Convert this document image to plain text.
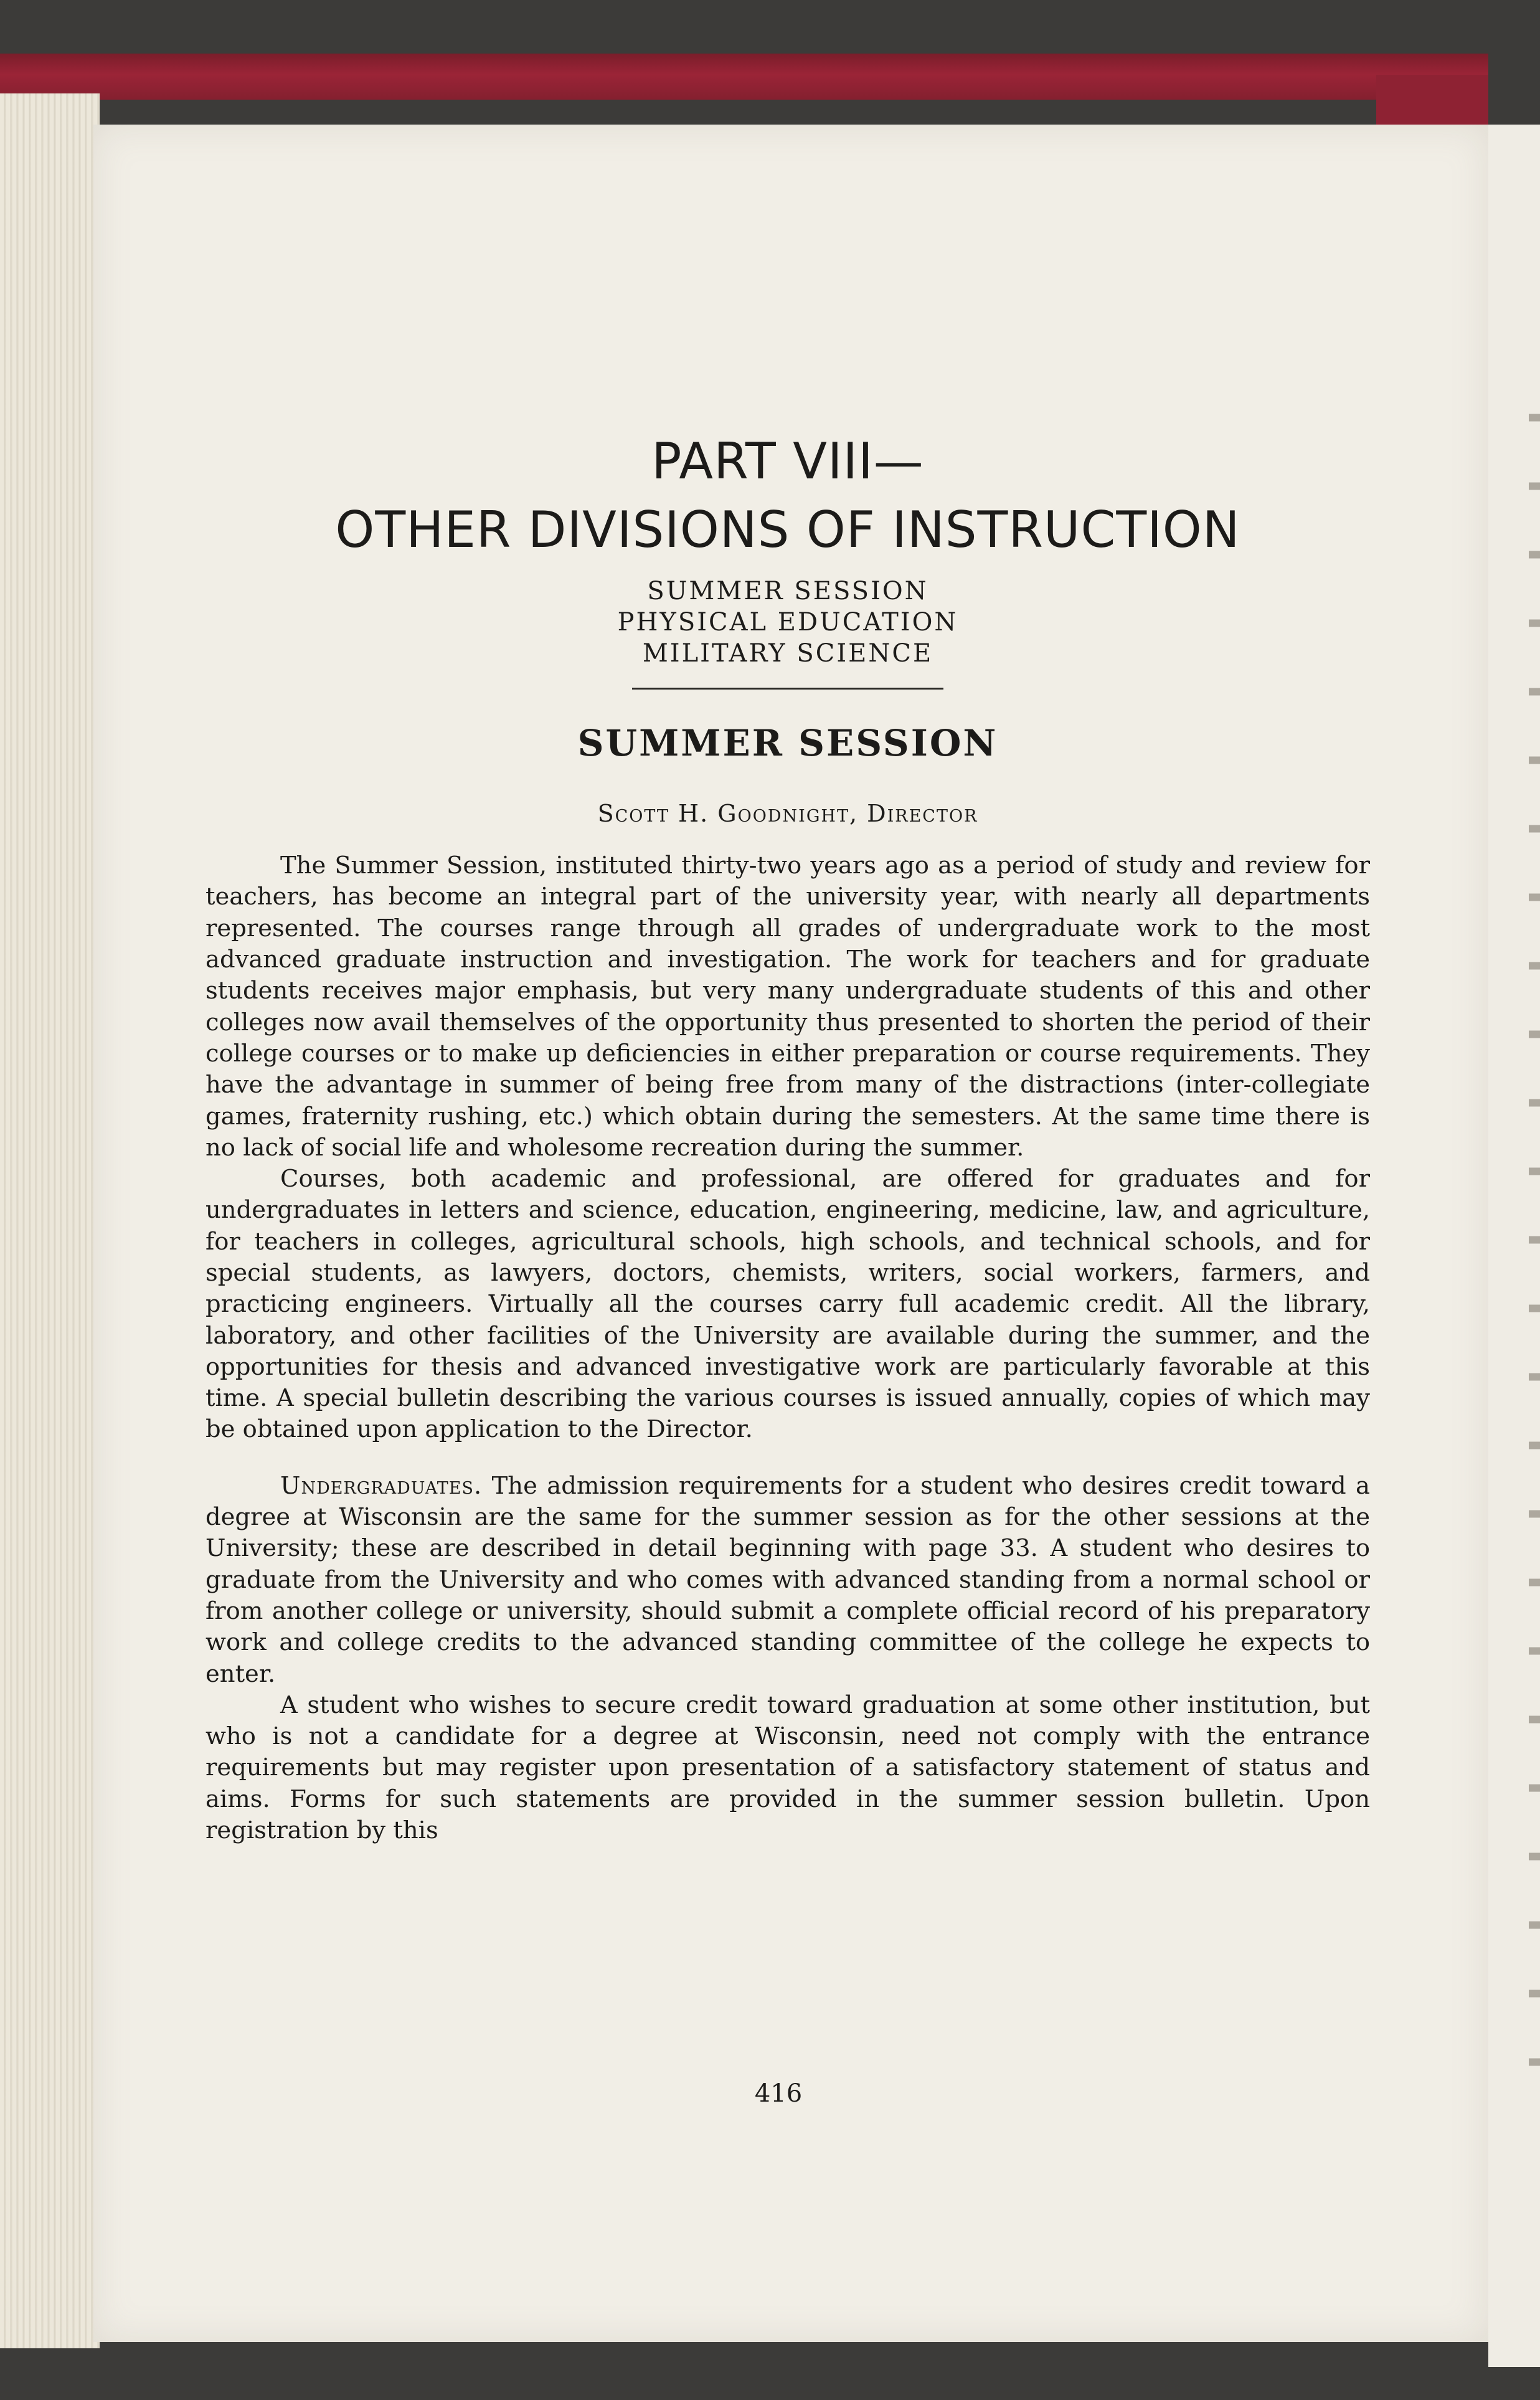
PART VIII—
OTHER DIVISIONS OF INSTRUCTION
SUMMER SESSION
PHYSICAL EDUCATION
MILITARY SCIENCE
SUMMER SESSION
Scott H. Goodnight, Director

The Summer Session, instituted thirty-two years ago as a period of study and review for teachers, has become an integral part of the university year, with nearly all departments represented. The courses range through all grades of undergraduate work to the most advanced graduate instruction and investigation. The work for teachers and for graduate students receives major emphasis, but very many undergraduate students of this and other colleges now avail themselves of the opportunity thus presented to shorten the period of their college courses or to make up deficiencies in either preparation or course requirements. They have the advantage in summer of being free from many of the distractions (inter-collegiate games, fraternity rushing, etc.) which obtain during the semesters. At the same time there is no lack of social life and wholesome recreation during the summer.

Courses, both academic and professional, are offered for graduates and for undergraduates in letters and science, education, engineering, medicine, law, and agriculture, for teachers in colleges, agricultural schools, high schools, and technical schools, and for special students, as lawyers, doctors, chemists, writers, social workers, farmers, and practicing engineers. Virtually all the courses carry full academic credit. All the library, laboratory, and other facilities of the University are available during the summer, and the opportunities for thesis and advanced investigative work are particularly favorable at this time. A special bulletin describing the various courses is issued annually, copies of which may be obtained upon application to the Director.

Undergraduates. The admission requirements for a student who desires credit toward a degree at Wisconsin are the same for the summer session as for the other sessions at the University; these are described in detail beginning with page 33. A student who desires to graduate from the University and who comes with advanced standing from a normal school or from another college or university, should submit a complete official record of his preparatory work and college credits to the advanced standing committee of the college he expects to enter.

A student who wishes to secure credit toward graduation at some other institution, but who is not a candidate for a degree at Wisconsin, need not comply with the entrance requirements but may register upon presentation of a satisfactory statement of status and aims. Forms for such statements are provided in the summer session bulletin. Upon registration by this

416
